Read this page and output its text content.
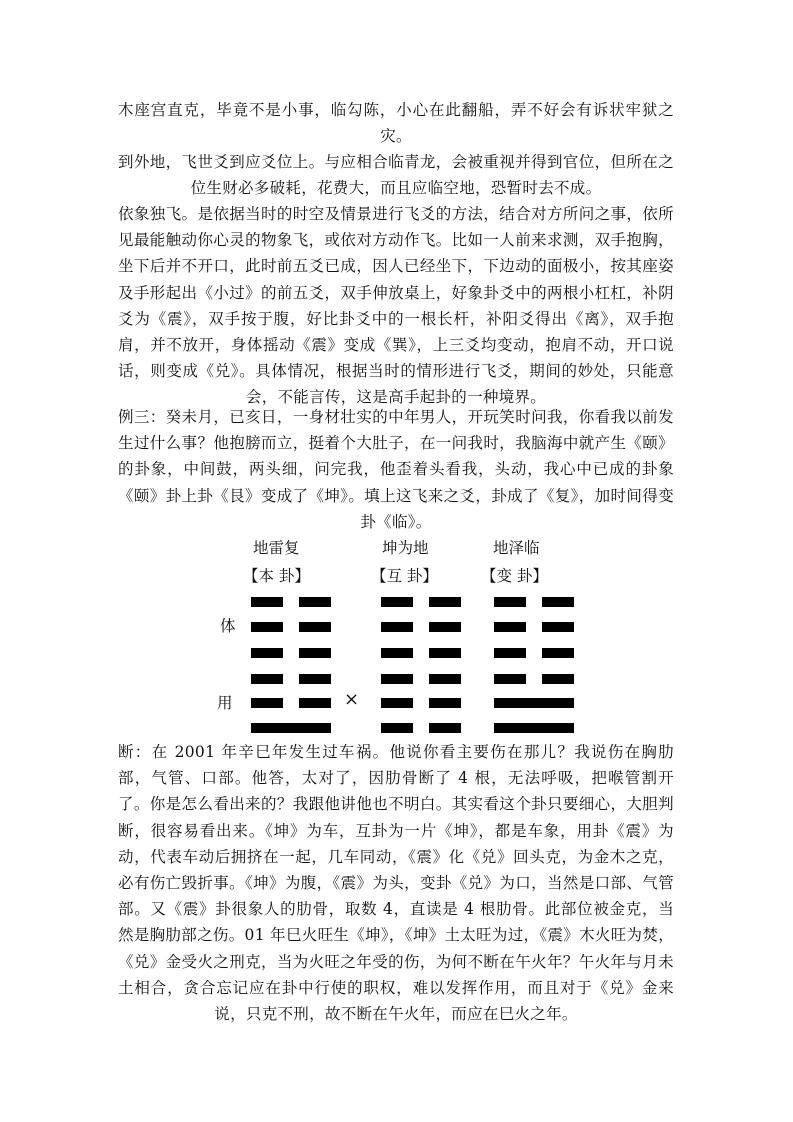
木座宫直克，毕竟不是小事，临勾陈，小心在此翻船，弄不好会有诉状牢狱之灾。
到外地，飞世爻到应爻位上。与应相合临青龙，会被重视并得到官位，但所在之位生财必多破耗，花费大，而且应临空地，恐暂时去不成。
依象独飞。是依据当时的时空及情景进行飞爻的方法，结合对方所问之事，依所见最能触动你心灵的物象飞，或依对方动作飞。比如一人前来求测，双手抱胸，坐下后并不开口，此时前五爻已成，因人已经坐下，下边动的面极小，按其座姿及手形起出《小过》的前五爻，双手伸放桌上，好象卦爻中的两根小杠杠，补阴爻为《震》，双手按于腹，好比卦爻中的一根长杆，补阳爻得出《离》，双手抱肩，并不放开，身体摇动《震》变成《巽》，上三爻均变动，抱肩不动，开口说话，则变成《兑》。具体情况，根据当时的情形进行飞爻，期间的妙处，只能意会，不能言传，这是高手起卦的一种境界。
例三：癸未月，已亥日，一身材壮实的中年男人，开玩笑时问我，你看我以前发生过什么事？他抱膀而立，挺着个大肚子，在一问我时，我脑海中就产生《颐》的卦象，中间鼓，两头细，问完我，他歪着头看我，头动，我心中已成的卦象《颐》卦上卦《艮》变成了《坤》。填上这飞来之爻，卦成了《复》，加时间得变卦《临》。
地雷复	坤为地	地泽临
【本 卦】	【互 卦】	【变 卦】
体
用	×
断：在 2001 年辛巳年发生过车祸。他说你看主要伤在那儿？我说伤在胸肋部，气管、口部。他答，太对了，因肋骨断了 4 根，无法呼吸，把喉管割开了。你是怎么看出来的？我跟他讲他也不明白。其实看这个卦只要细心，大胆判断，很容易看出来。《坤》为车，互卦为一片《坤》，都是车象，用卦《震》为动，代表车动后拥挤在一起，几车同动，《震》化《兑》回头克，为金木之克，必有伤亡毁折事。《坤》为腹，《震》为头，变卦《兑》为口，当然是口部、气管部。又《震》卦很象人的肋骨，取数 4，直读是 4 根肋骨。此部位被金克，当然是胸肋部之伤。01 年巳火旺生《坤》，《坤》土太旺为过，《震》木火旺为焚，《兑》金受火之刑克，当为火旺之年受的伤，为何不断在午火年？午火年与月未土相合，贪合忘记应在卦中行使的职权，难以发挥作用，而且对于《兑》金来说，只克不刑，故不断在午火年，而应在巳火之年。
